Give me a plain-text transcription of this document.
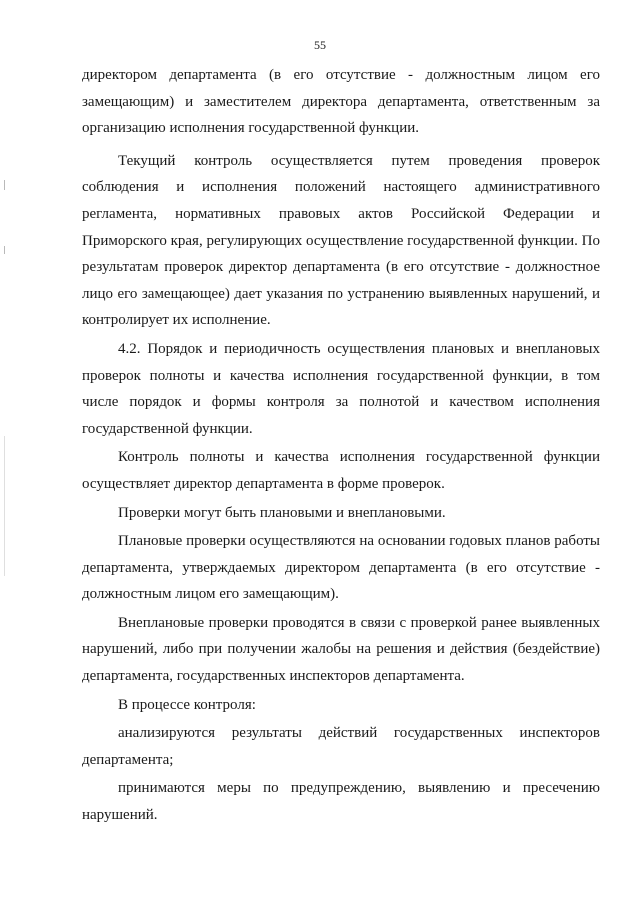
55

директором департамента (в его отсутствие - должностным лицом его замещающим) и заместителем директора департамента, ответственным за организацию исполнения государственной функции.

Текущий контроль осуществляется путем проведения проверок соблюдения и исполнения положений настоящего административного регламента, нормативных правовых актов Российской Федерации и Приморского края, регулирующих осуществление государственной функции. По результатам проверок директор департамента (в его отсутствие - должностное лицо его замещающее) дает указания по устранению выявленных нарушений, и контролирует их исполнение.

4.2. Порядок и периодичность осуществления плановых и внеплановых проверок полноты и качества исполнения государственной функции, в том числе порядок и формы контроля за полнотой и качеством исполнения государственной функции.

Контроль полноты и качества исполнения государственной функции осуществляет директор департамента в форме проверок.

Проверки могут быть плановыми и внеплановыми.

Плановые проверки осуществляются на основании годовых планов работы департамента, утверждаемых директором департамента (в его отсутствие - должностным лицом его замещающим).

Внеплановые проверки проводятся в связи с проверкой ранее выявленных нарушений, либо при получении жалобы на решения и действия (бездействие) департамента, государственных инспекторов департамента.

В процессе контроля:

анализируются результаты действий государственных инспекторов департамента;

принимаются меры по предупреждению, выявлению и пресечению нарушений.
